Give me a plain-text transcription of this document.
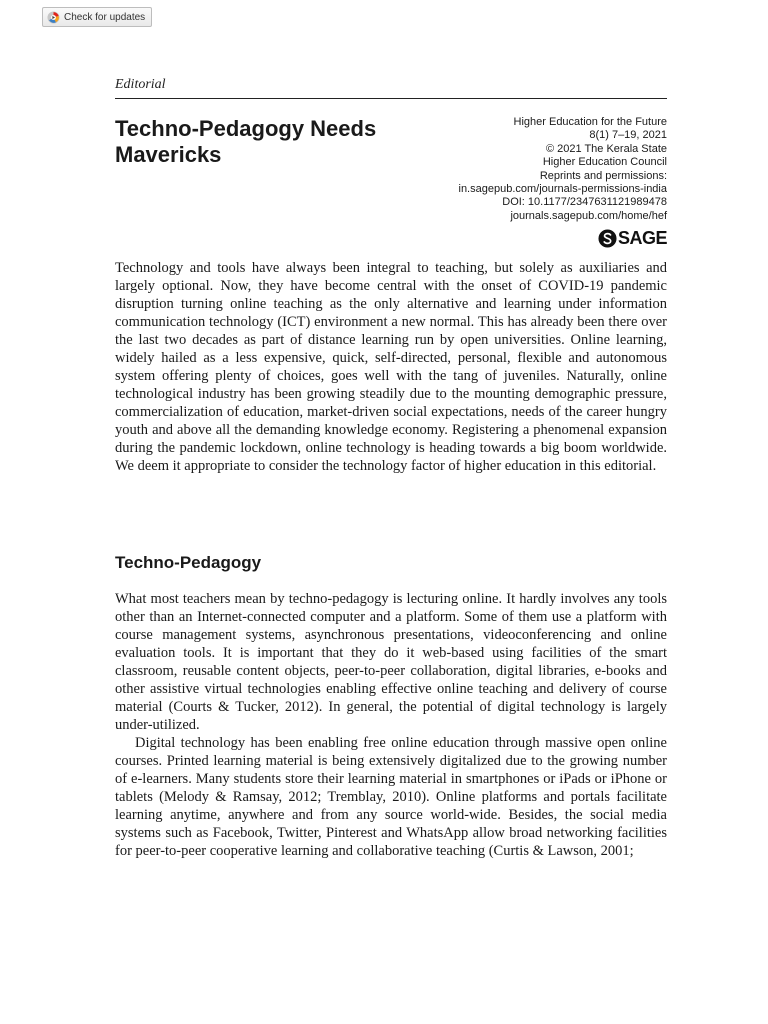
Check for updates
Editorial
Techno-Pedagogy Needs Mavericks
Higher Education for the Future
8(1) 7–19, 2021
© 2021 The Kerala State
Higher Education Council
Reprints and permissions:
in.sagepub.com/journals-permissions-india
DOI: 10.1177/2347631121989478
journals.sagepub.com/home/hef
SAGE

Technology and tools have always been integral to teaching, but solely as auxiliaries and largely optional. Now, they have become central with the onset of COVID-19 pandemic disruption turning online teaching as the only alternative and learning under information communication technology (ICT) environment a new normal. This has already been there over the last two decades as part of distance learning run by open universities. Online learning, widely hailed as a less expensive, quick, self-directed, personal, flexible and autonomous system offering plenty of choices, goes well with the tang of juveniles. Naturally, online technological industry has been growing steadily due to the mounting demographic pressure, commercialization of education, market-driven social expectations, needs of the career hungry youth and above all the demanding knowledge economy. Registering a phenomenal expansion during the pandemic lockdown, online technology is heading towards a big boom worldwide. We deem it appropriate to consider the technology factor of higher education in this editorial.

Techno-Pedagogy

What most teachers mean by techno-pedagogy is lecturing online. It hardly involves any tools other than an Internet-connected computer and a platform. Some of them use a platform with course management systems, asynchronous presentations, videoconferencing and online evaluation tools. It is important that they do it web-based using facilities of the smart classroom, reusable content objects, peer-to-peer collaboration, digital libraries, e-books and other assistive virtual technologies enabling effective online teaching and delivery of course material (Courts & Tucker, 2012). In general, the potential of digital technology is largely under-utilized.

Digital technology has been enabling free online education through massive open online courses. Printed learning material is being extensively digitalized due to the growing number of e-learners. Many students store their learning material in smartphones or iPads or iPhone or tablets (Melody & Ramsay, 2012; Tremblay, 2010). Online platforms and portals facilitate learning anytime, anywhere and from any source world-wide. Besides, the social media systems such as Facebook, Twitter, Pinterest and WhatsApp allow broad networking facilities for peer-to-peer cooperative learning and collaborative teaching (Curtis & Lawson, 2001;
